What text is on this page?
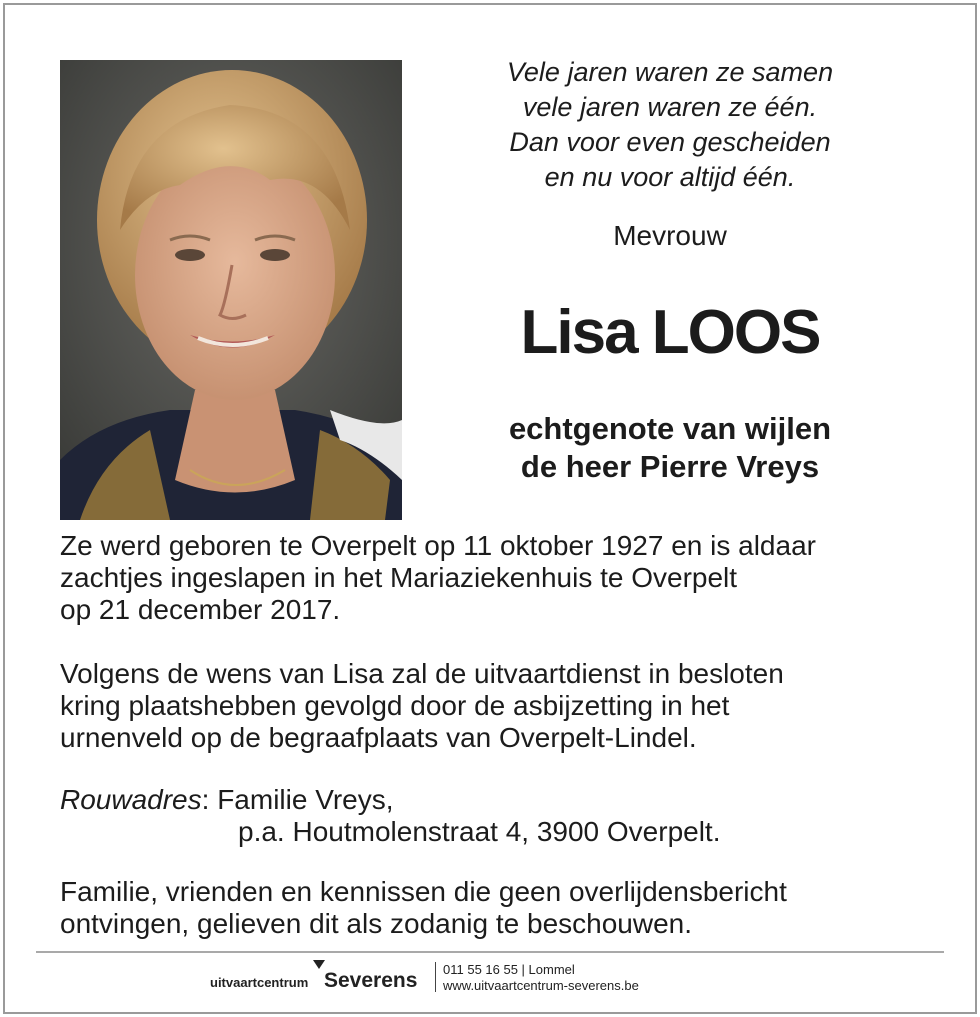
Vele jaren waren ze samen
vele jaren waren ze één.
Dan voor even gescheiden
en nu voor altijd één.
Mevrouw
Lisa LOOS
echtgenote van wijlen
de heer Pierre Vreys
Ze werd geboren te Overpelt op 11 oktober 1927 en is aldaar
zachtjes ingeslapen in het Mariaziekenhuis te Overpelt
op 21 december 2017.
Volgens de wens van Lisa zal de uitvaartdienst in besloten
kring plaatshebben gevolgd door de asbijzetting in het
urnenveld op de begraafplaats van Overpelt-Lindel.
Rouwadres: Familie Vreys,
p.a. Houtmolenstraat 4, 3900 Overpelt.
Familie, vrienden en kennissen die geen overlijdensbericht
ontvingen, gelieven dit als zodanig te beschouwen.
uitvaartcentrum Severens 011 55 16 55 | Lommel
www.uitvaartcentrum-severens.be
